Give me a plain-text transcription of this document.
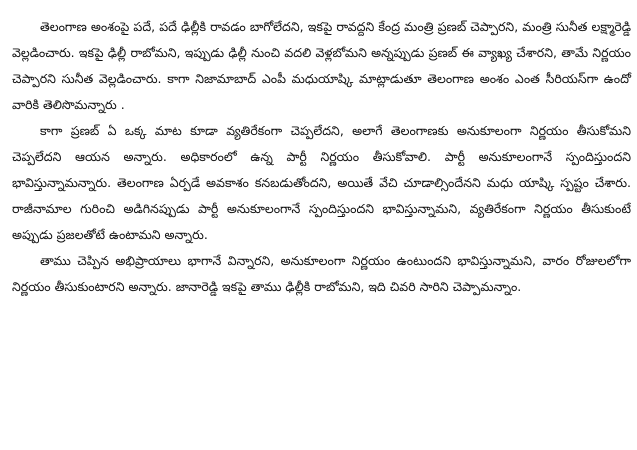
తెలంగాణ అంశంపై పదే, పదే ఢిల్లీకి రావడం బాగోలేదని, ఇకపై రావద్దని కేంద్ర మంత్రి ప్రణబ్ చెప్పారని, మంత్రి సునీత లక్ష్మారెడ్డి వెల్లడించారు. ఇకపై ఢిల్లీ రాబోమని, ఇప్పుడు ఢిల్లీ నుంచి వదలి వెళ్లబోమని అన్నప్పుడు ప్రణబ్ ఈ వ్యాఖ్య చేశారని, తామే నిర్ణయం చెప్పారని సునీత వెల్లడించారు. కాగా నిజామాబాద్ ఎంపీ మధుయాష్కి మాట్లాడుతూ తెలంగాణ అంశం ఎంత సీరియస్‌గా ఉందో వారికి తెలిసొమన్నారు .

కాగా ప్రణబ్ ఏ ఒక్క మాట కూడా వ్యతిరేకంగా చెప్పలేదని, అలాగే తెలంగాణకు అనుకూలంగా నిర్ణయం తీసుకోమని చెప్పలేదని ఆయన అన్నారు. అధికారంలో ఉన్న పార్టీ నిర్ణయం తీసుకోవాలి. పార్టీ అనుకూలంగానే స్పందిస్తుందని భావిస్తున్నామన్నారు. తెలంగాణ ఏర్పడే అవకాశం కనబడుతోందని, అయితే వేచి చూడాల్సిందేనని మధు యాష్కి స్పష్టం చేశారు. రాజీనామాల గురించి అడిగినప్పుడు పార్టీ అనుకూలంగానే స్పందిస్తుందని భావిస్తున్నామని, వ్యతిరేకంగా నిర్ణయం తీసుకుంటే అప్పుడు ప్రజలతోటే ఉంటామని అన్నారు.

తాము చెప్పిన అభిప్రాయాలు భాగానే విన్నారని, అనుకూలంగా నిర్ణయం ఉంటుందని భావిస్తున్నామని, వారం రోజులలోగా నిర్ణయం తీసుకుంటారని అన్నారు. జానారెడ్డి ఇకపై తాము ఢిల్లీకి రాబోమని, ఇది చివరి సారిని చెప్పామన్నాం.
